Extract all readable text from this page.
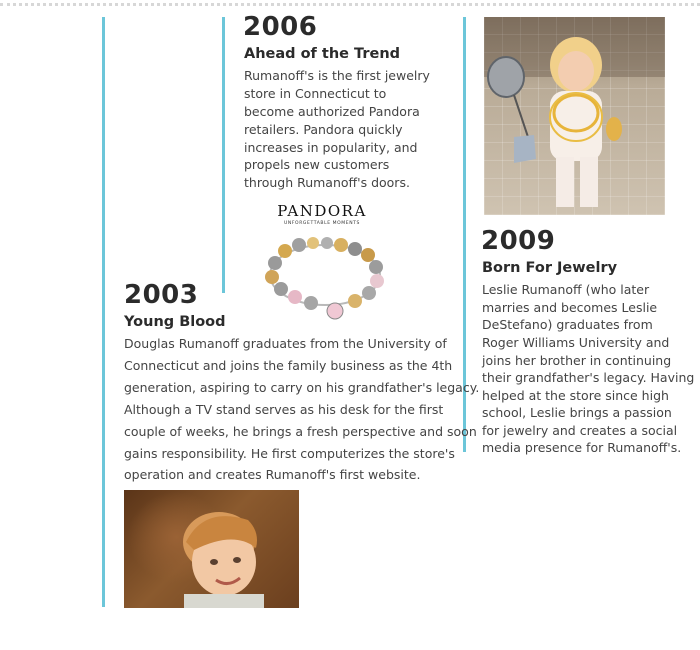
2006
Ahead of the Trend
Rumanoff's is the first jewelry
store in Connecticut to
become authorized Pandora
retailers. Pandora quickly
increases in popularity, and
propels new customers
through Rumanoff's doors.
PANDORA
UNFORGETTABLE MOMENTS
2003
Young Blood
Douglas Rumanoff graduates from the University of
Connecticut and joins the family business as the 4th
generation, aspiring to carry on his grandfather's legacy.
Although a TV stand serves as his desk for the first
couple of weeks, he brings a fresh perspective and soon
gains responsibility. He first computerizes the store's
operation and creates Rumanoff's first website.
2009
Born For Jewelry
Leslie Rumanoff (who later
marries and becomes Leslie
DeStefano) graduates from
Roger Williams University and
joins her brother in continuing
their grandfather's legacy. Having
helped at the store since high
school, Leslie brings a passion
for jewelry and creates a social
media presence for Rumanoff's.
